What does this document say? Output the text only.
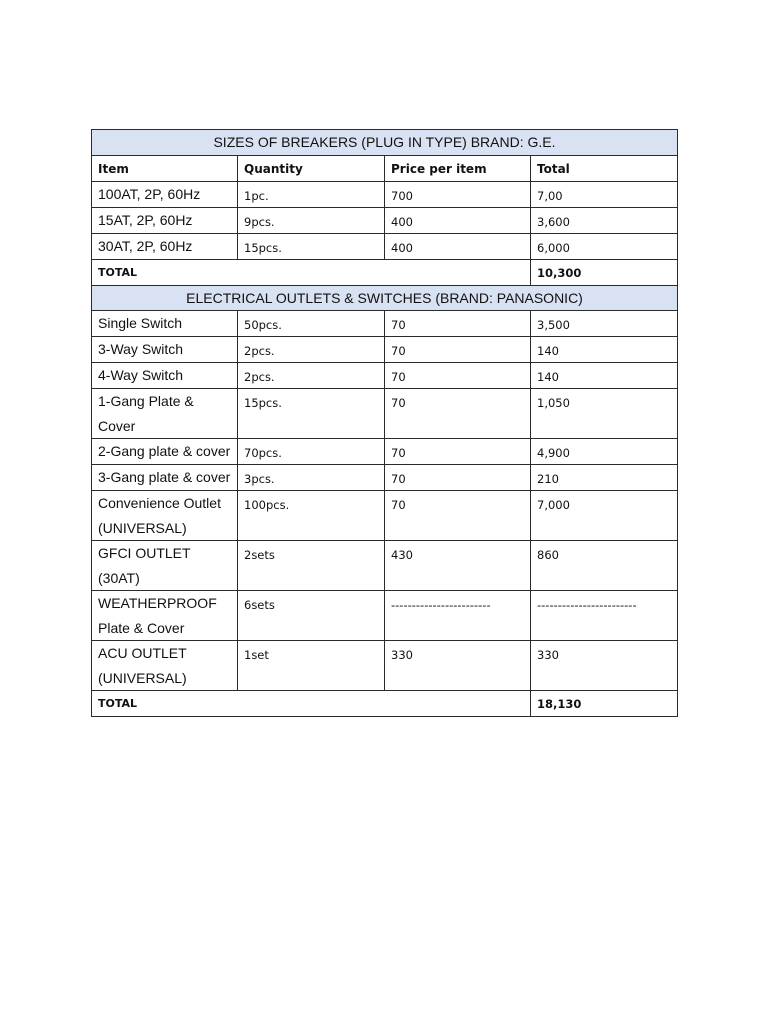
SIZES OF BREAKERS (PLUG IN TYPE) BRAND: G.E.
Item	Quantity	Price per item	Total
100AT, 2P, 60Hz	1pc.	700	7,00
15AT, 2P, 60Hz	9pcs.	400	3,600
30AT, 2P, 60Hz	15pcs.	400	6,000
TOTAL	10,300
ELECTRICAL OUTLETS & SWITCHES (BRAND: PANASONIC)
Single Switch	50pcs.	70	3,500
3-Way Switch	2pcs.	70	140
4-Way Switch	2pcs.	70	140
1-Gang Plate &
Cover
15pcs.	70	1,050
2-Gang plate & cover	70pcs.	70	4,900
3-Gang plate & cover	3pcs.	70	210
Convenience Outlet
(UNIVERSAL)
100pcs.	70	7,000
GFCI OUTLET
(30AT)
2sets	430	860
WEATHERPROOF
Plate & Cover
6sets	------------------------	------------------------
ACU OUTLET
(UNIVERSAL)
1set	330	330
TOTAL	18,130
